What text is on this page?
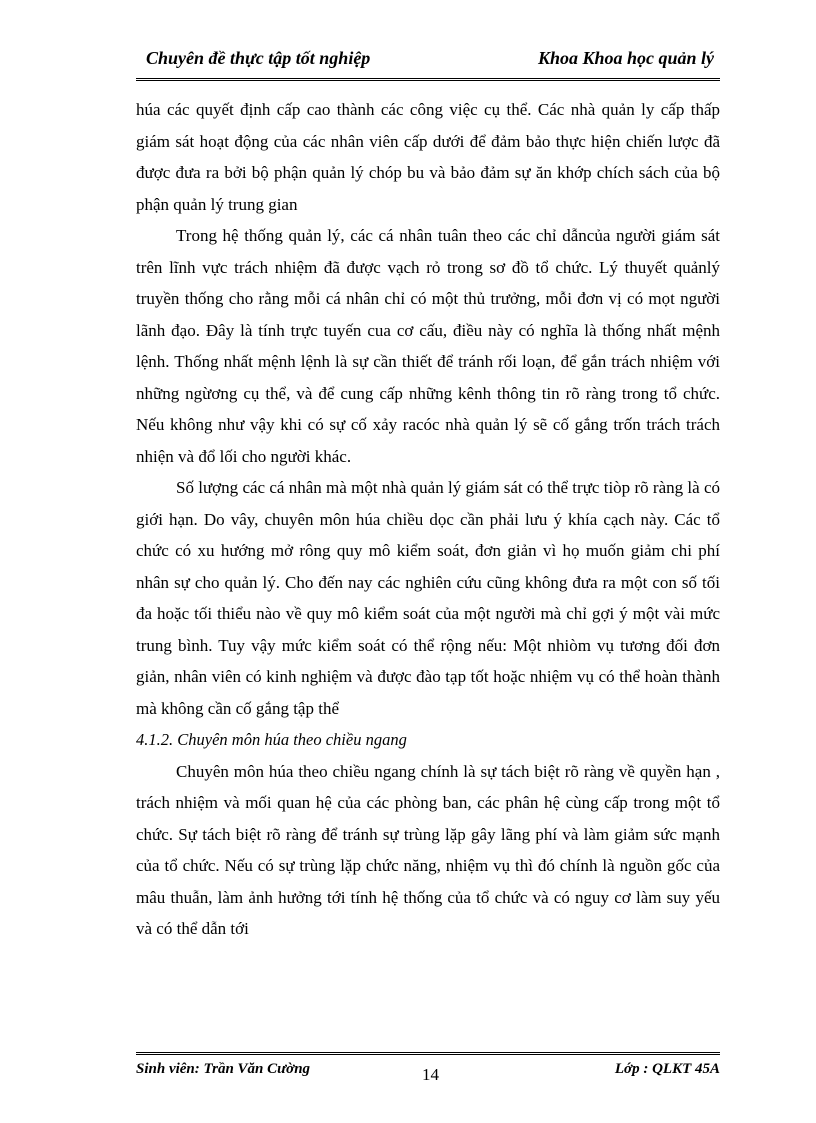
Chuyên đề thực tập tốt nghiệp	Khoa Khoa học quản lý

húa các quyết định cấp cao thành các công việc cụ thể. Các nhà quản ly cấp thấp giám sát hoạt động của các nhân viên cấp dưới để đảm bảo thực hiện chiến lược đã được đưa ra bởi bộ phận quản lý chóp bu và bảo đảm sự ăn khớp chích sách của bộ phận quản lý trung gian

Trong hệ thống quản lý, các cá nhân tuân theo các chỉ dẫncủa người giám sát trên lĩnh vực trách nhiệm đã được vạch rỏ trong sơ đồ tổ chức. Lý thuyết quảnlý truyền thống cho rằng mỗi cá nhân chỉ có một thủ trưởng, mỗi đơn vị có mọt người lãnh đạo. Đây là tính trực tuyến cua cơ cấu, điều này có nghĩa là thống nhất mệnh lệnh. Thống nhất mệnh lệnh là sự cần thiết để tránh rối loạn, để gắn trách nhiệm với những ngừơng cụ thể, và để cung cấp những kênh thông tin rõ ràng trong tổ chức. Nếu không như vậy khi có sự cố xảy racóc nhà quản lý sẽ cố gắng trốn trách trách nhiện và đổ lối cho người khác.

Số lượng các cá nhân mà một nhà quản lý giám sát có thể trực tiòp rõ ràng là có giới hạn. Do vây, chuyên môn húa chiều dọc cần phải lưu ý khía cạch này. Các tổ chức có xu hướng mở rông quy mô kiểm soát, đơn giản vì họ muốn giảm chi phí nhân sự cho quản lý. Cho đến nay các nghiên cứu cũng không đưa ra một con số tối đa hoặc tối thiểu nào về quy mô kiểm soát của một người mà chỉ gợi ý một vài mức trung bình. Tuy vậy mức kiểm soát có thể rộng nếu: Một nhiòm vụ tương đối đơn giản, nhân viên có kinh nghiệm và được đào tạp tốt hoặc nhiệm vụ có thể hoàn thành mà không cần cố gắng tập thể

4.1.2. Chuyên môn húa theo chiều ngang

Chuyên môn húa theo chiều ngang chính là sự tách biệt rõ ràng về quyền hạn , trách nhiệm và mối quan hệ của các phòng ban, các phân hệ cùng cấp trong một tổ chức. Sự tách biệt rõ ràng để tránh sự trùng lặp gây lãng phí và làm giảm sức mạnh của tổ chức. Nếu có sự trùng lặp chức năng, nhiệm vụ thì đó chính là nguồn gốc của mâu thuẫn, làm ảnh hưởng tới tính hệ thống của tổ chức và có nguy cơ làm suy yếu và có thể dẫn tới

Sinh viên: Trần Văn Cường	14	Lớp : QLKT 45A
